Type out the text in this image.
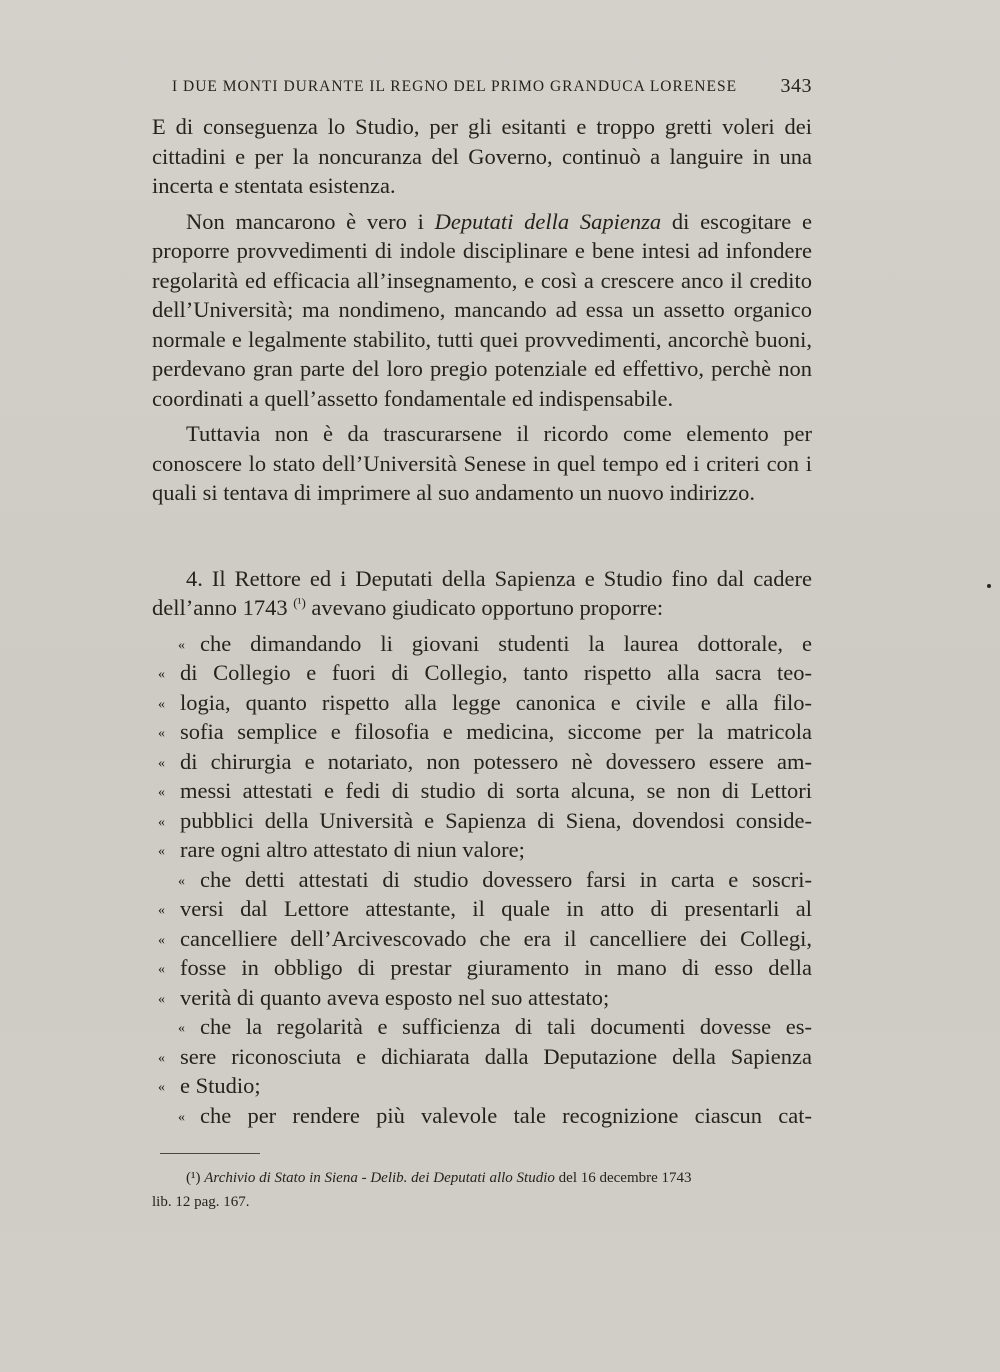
I DUE MONTI DURANTE IL REGNO DEL PRIMO GRANDUCA LORENESE 343

E di conseguenza lo Studio, per gli esitanti e troppo gretti voleri dei cittadini e per la noncuranza del Governo, continuò a languire in una incerta e stentata esistenza.

Non mancarono è vero i Deputati della Sapienza di escogitare e proporre provvedimenti di indole disciplinare e bene intesi ad infondere regolarità ed efficacia all’insegnamento, e così a crescere anco il credito dell’Università; ma nondimeno, mancando ad essa un assetto organico normale e legalmente stabilito, tutti quei provvedimenti, ancorchè buoni, perdevano gran parte del loro pregio potenziale ed effettivo, perchè non coordinati a quell’assetto fondamentale ed indispensabile.

Tuttavia non è da trascurarsene il ricordo come elemento per conoscere lo stato dell’Università Senese in quel tempo ed i criteri con i quali si tentava di imprimere al suo andamento un nuovo indirizzo.

4. Il Rettore ed i Deputati della Sapienza e Studio fino dal cadere dell’anno 1743 $^{(^1)}$ avevano giudicato opportuno proporre:

« che dimandando li giovani studenti la laurea dottorale, e
« di Collegio e fuori di Collegio, tanto rispetto alla sacra teo-
« logia, quanto rispetto alla legge canonica e civile e alla filo-
« sofia semplice e filosofia e medicina, siccome per la matricola
« di chirurgia e notariato, non potessero nè dovessero essere am-
« messi attestati e fedi di studio di sorta alcuna, se non di Lettori
« pubblici della Università e Sapienza di Siena, dovendosi conside-
« rare ogni altro attestato di niun valore;
« che detti attestati di studio dovessero farsi in carta e soscri-
« versi dal Lettore attestante, il quale in atto di presentarli al
« cancelliere dell’Arcivescovado che era il cancelliere dei Collegi,
« fosse in obbligo di prestar giuramento in mano di esso della
« verità di quanto aveva esposto nel suo attestato;
« che la regolarità e sufficienza di tali documenti dovesse es-
« sere riconosciuta e dichiarata dalla Deputazione della Sapienza
« e Studio;
« che per rendere più valevole tale recognizione ciascun cat-
(¹) Archivio di Stato in Siena - Delib. dei Deputati allo Studio del 16 decembre 1743
lib. 12 pag. 167.
